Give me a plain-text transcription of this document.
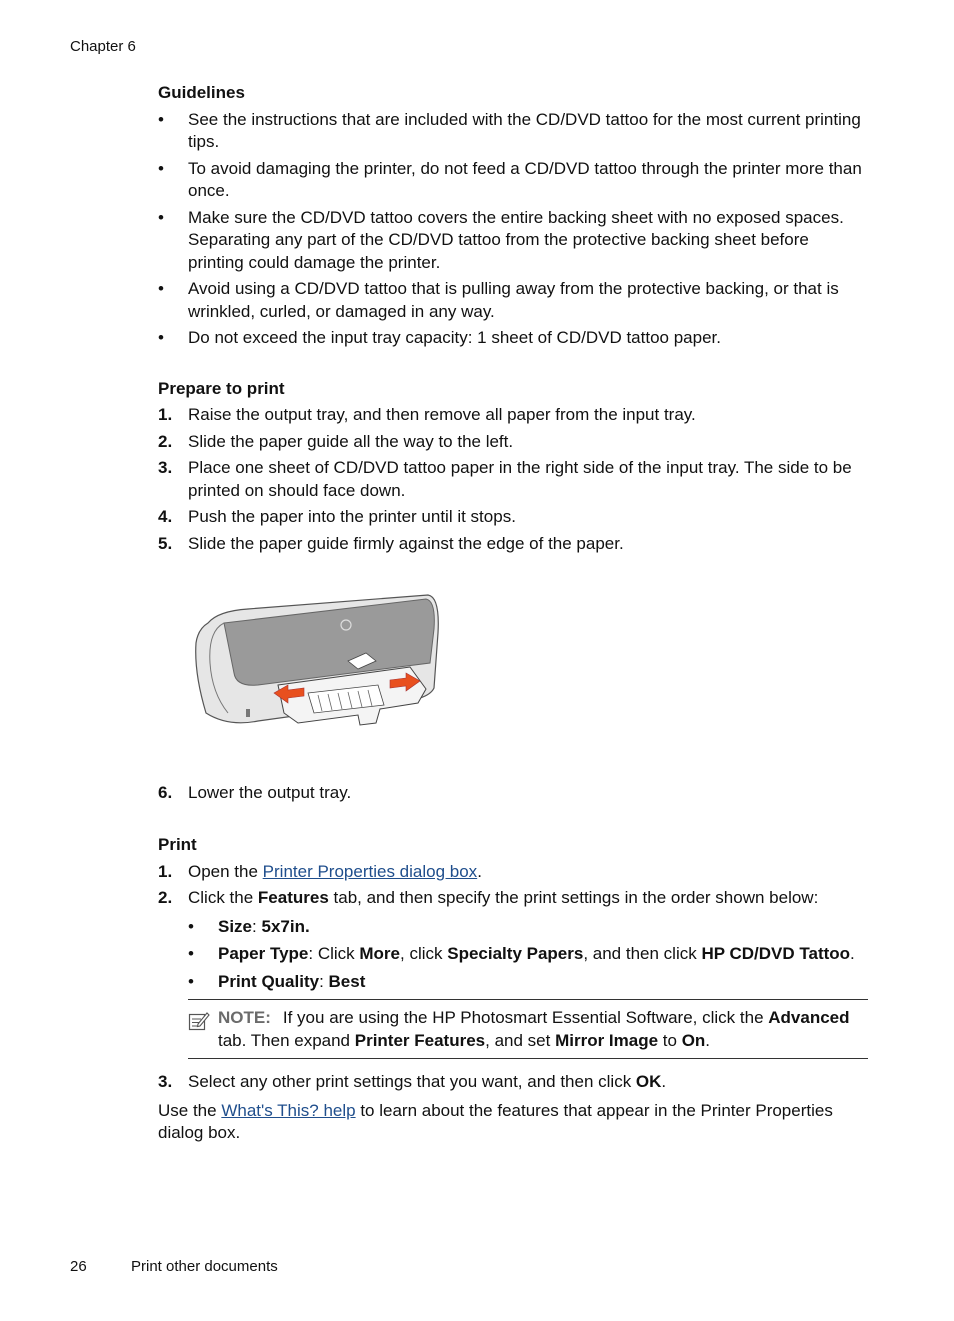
Chapter 6
Guidelines
• See the instructions that are included with the CD/DVD tattoo for the most current printing tips.
• To avoid damaging the printer, do not feed a CD/DVD tattoo through the printer more than once.
• Make sure the CD/DVD tattoo covers the entire backing sheet with no exposed spaces. Separating any part of the CD/DVD tattoo from the protective backing sheet before printing could damage the printer.
• Avoid using a CD/DVD tattoo that is pulling away from the protective backing, or that is wrinkled, curled, or damaged in any way.
• Do not exceed the input tray capacity: 1 sheet of CD/DVD tattoo paper.
Prepare to print
1. Raise the output tray, and then remove all paper from the input tray.
2. Slide the paper guide all the way to the left.
3. Place one sheet of CD/DVD tattoo paper in the right side of the input tray. The side to be printed on should face down.
4. Push the paper into the printer until it stops.
5. Slide the paper guide firmly against the edge of the paper.
6. Lower the output tray.
Print
1. Open the Printer Properties dialog box.
2. Click the Features tab, and then specify the print settings in the order shown below:
• Size: 5x7in.
• Paper Type: Click More, click Specialty Papers, and then click HP CD/DVD Tattoo.
• Print Quality: Best
NOTE: If you are using the HP Photosmart Essential Software, click the Advanced tab. Then expand Printer Features, and set Mirror Image to On.
3. Select any other print settings that you want, and then click OK.

Use the What's This? help to learn about the features that appear in the Printer Properties dialog box.

26	Print other documents
